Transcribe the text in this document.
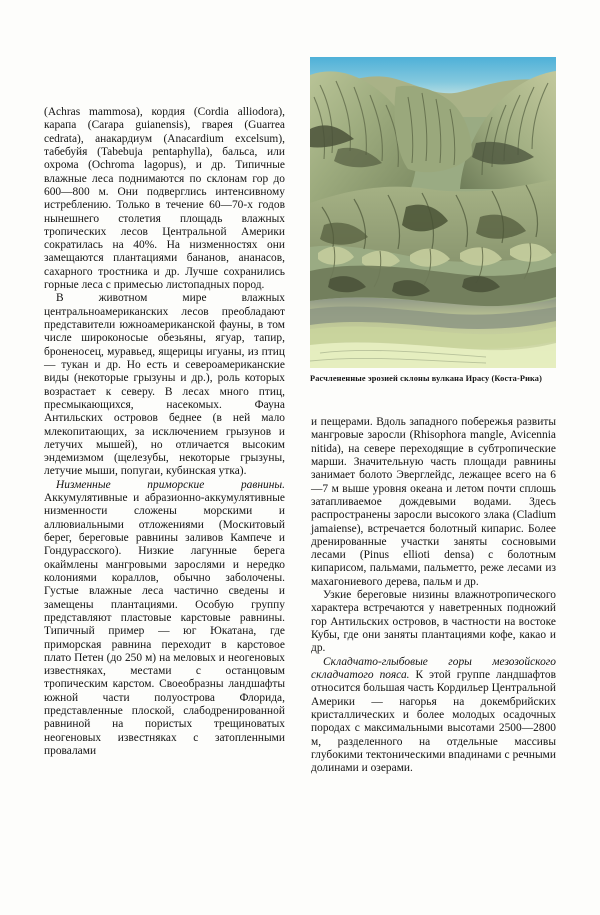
Расчлененные эрозией склоны вулкана Ирасу (Коста-Рика)

(Achras mammosa), кордия (Cordia alliodora), карапа (Carapa guianensis), гварея (Guarrea cedrata), анакардиум (Anacardium excelsum), табебуйя (Tabebuja pentaphylla), бальса, или охрома (Ochroma lagopus), и др. Типичные влажные леса поднимаются по склонам гор до 600—800 м. Они подверглись интенсивному истреблению. Только в течение 60—70-х годов нынешнего столетия площадь влажных тропических лесов Центральной Америки сократилась на 40%. На низменностях они замещаются плантациями бананов, ананасов, сахарного тростника и др. Лучше сохранились горные леса с примесью листопадных пород.

В животном мире влажных центральноамериканских лесов преобладают представители южноамериканской фауны, в том числе широконосые обезьяны, ягуар, тапир, броненосец, муравьед, ящерицы игуаны, из птиц — тукан и др. Но есть и североамериканские виды (некоторые грызуны и др.), роль которых возрастает к северу. В лесах много птиц, пресмыкающихся, насекомых. Фауна Антильских островов беднее (в ней мало млекопитающих, за исключением грызунов и летучих мышей), но отличается высоким эндемизмом (щелезубы, некоторые грызуны, летучие мыши, попугаи, кубинская утка).

Низменные приморские равнины. Аккумулятивные и абразионно-аккумулятивные низменности сложены морскими и аллювиальными отложениями (Москитовый берег, береговые равнины заливов Кампече и Гондурасского). Низкие лагунные берега окаймлены мангровыми зарослями и нередко колониями кораллов, обычно заболочены. Густые влажные леса частично сведены и замещены плантациями. Особую группу представляют пластовые карстовые равнины. Типичный пример — юг Юкатана, где приморская равнина переходит в карстовое плато Петен (до 250 м) на меловых и неогеновых известняках, местами с останцовым тропическим карстом. Своеобразны ландшафты южной части полуострова Флорида, представленные плоской, слабодренированной равниной на пористых трещиноватых неогеновых известняках с затопленными провалами

и пещерами. Вдоль западного побережья развиты мангровые заросли (Rhisophora mangle, Avicennia nitida), на севере переходящие в субтропические марши. Значительную часть площади равнины занимает болото Эверглейдс, лежащее всего на 6—7 м выше уровня океана и летом почти сплошь затапливаемое дождевыми водами. Здесь распространены заросли высокого злака (Cladium jamaiense), встречается болотный кипарис. Более дренированные участки заняты сосновыми лесами (Pinus ellioti densa) с болотным кипарисом, пальмами, пальметто, реже лесами из махагониевого дерева, пальм и др.

Узкие береговые низины влажнотропического характера встречаются у наветренных подножий гор Антильских островов, в частности на востоке Кубы, где они заняты плантациями кофе, какао и др.

Складчато-глыбовые горы мезозойского складчатого пояса. К этой группе ландшафтов относится большая часть Кордильер Центральной Америки — нагорья на докембрийских кристаллических и более молодых осадочных породах с максимальными высотами 2500—2800 м, разделенного на отдельные массивы глубокими тектоническими впадинами с речными долинами и озерами.
